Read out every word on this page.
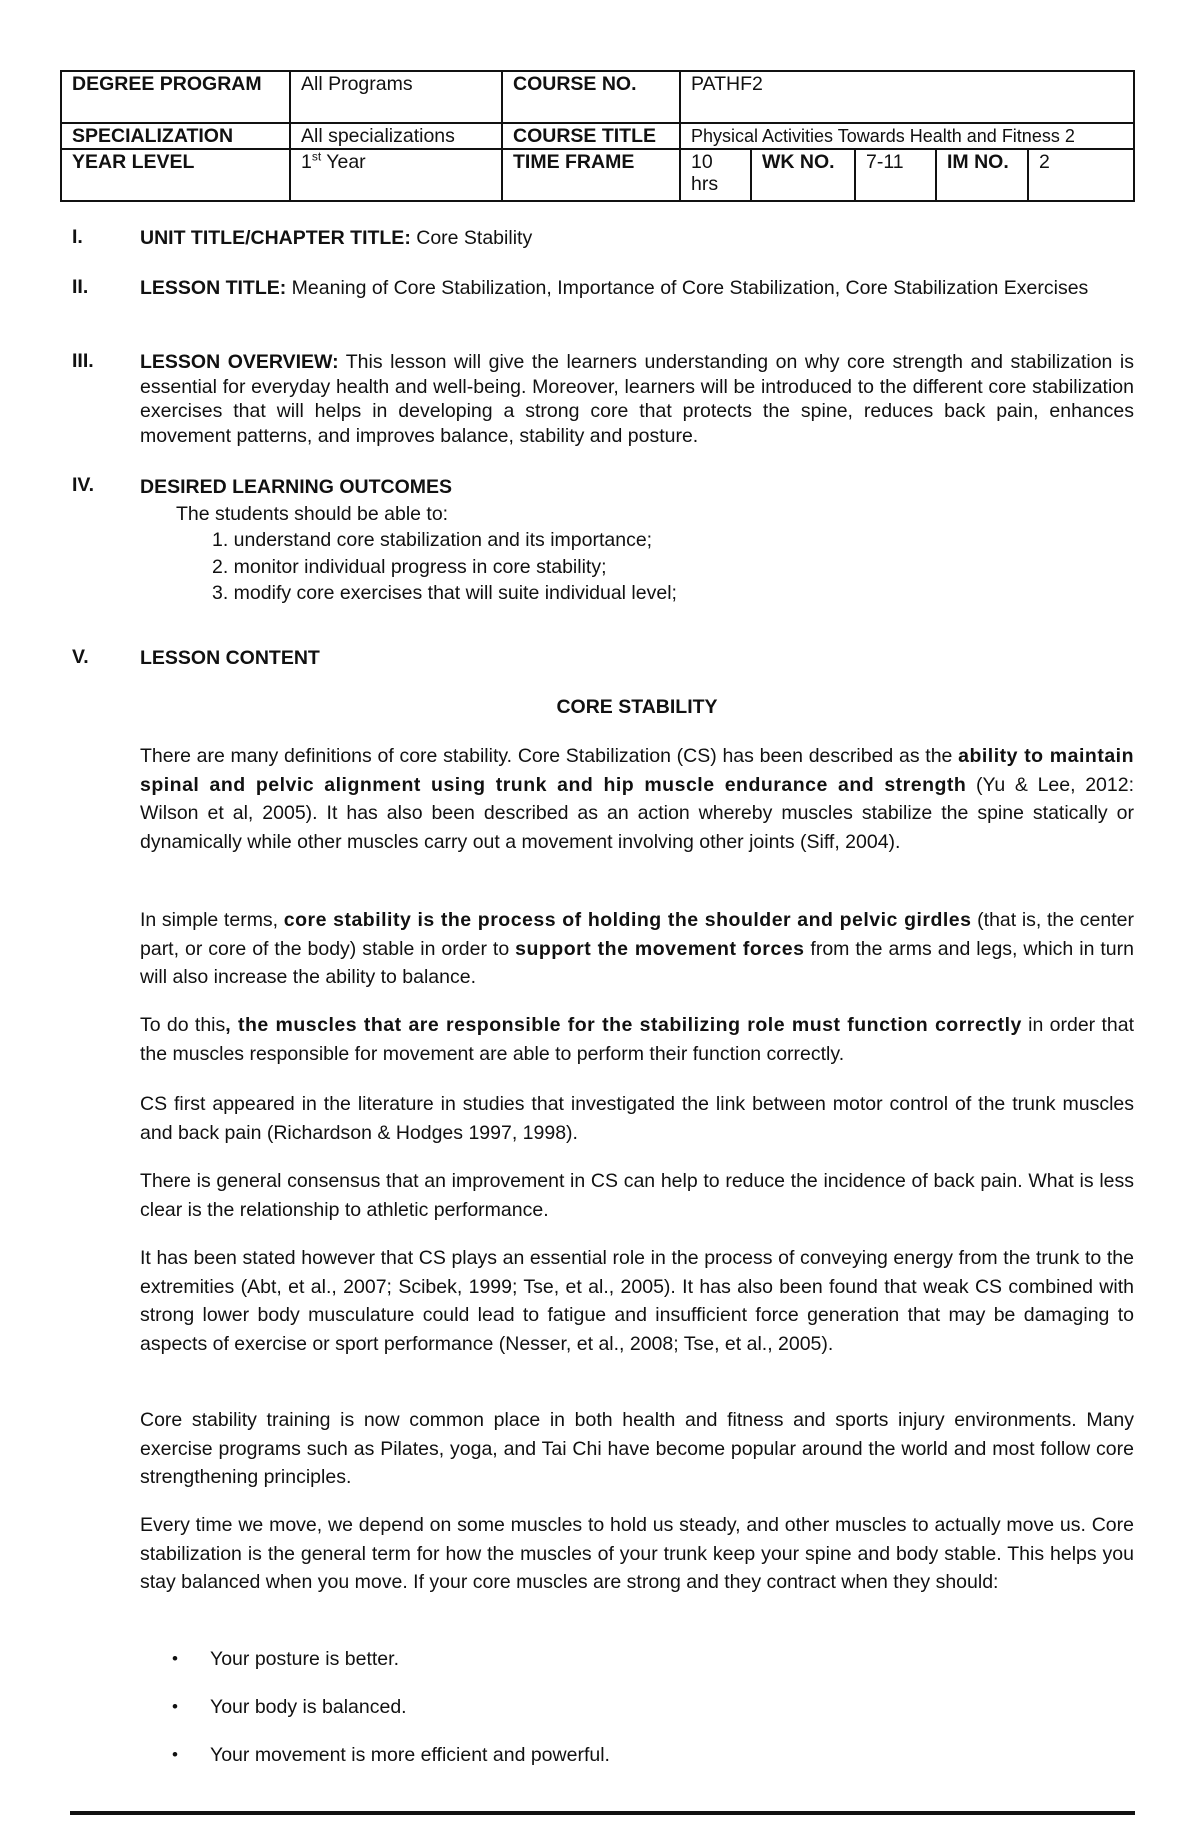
DEGREE PROGRAM	All Programs	COURSE NO.	PATHF2				
SPECIALIZATION	All specializations	COURSE TITLE	Physical Activities Towards Health and Fitness 2				
YEAR LEVEL	1st Year	TIME FRAME	10 hrs	WK NO.	7-11	IM NO.	2
I.	UNIT TITLE/CHAPTER TITLE: Core Stability
II.	LESSON TITLE: Meaning of Core Stabilization, Importance of Core Stabilization, Core Stabilization Exercises
III. LESSON OVERVIEW: This lesson will give the learners understanding on why core strength and stabilization is essential for everyday health and well-being. Moreover, learners will be introduced to the different core stabilization exercises that will helps in developing a strong core that protects the spine, reduces back pain, enhances movement patterns, and improves balance, stability and posture.
IV. DESIRED LEARNING OUTCOMES
The students should be able to:
1. understand core stabilization and its importance;
2. monitor individual progress in core stability;
3. modify core exercises that will suite individual level;
V.	LESSON CONTENT
CORE STABILITY

There are many definitions of core stability. Core Stabilization (CS) has been described as the ability to maintain spinal and pelvic alignment using trunk and hip muscle endurance and strength (Yu & Lee, 2012: Wilson et al, 2005). It has also been described as an action whereby muscles stabilize the spine statically or dynamically while other muscles carry out a movement involving other joints (Siff, 2004).

In simple terms, core stability is the process of holding the shoulder and pelvic girdles (that is, the center part, or core of the body) stable in order to support the movement forces from the arms and legs, which in turn will also increase the ability to balance.

To do this, the muscles that are responsible for the stabilizing role must function correctly in order that the muscles responsible for movement are able to perform their function correctly.

CS first appeared in the literature in studies that investigated the link between motor control of the trunk muscles and back pain (Richardson & Hodges 1997, 1998).

There is general consensus that an improvement in CS can help to reduce the incidence of back pain. What is less clear is the relationship to athletic performance.

It has been stated however that CS plays an essential role in the process of conveying energy from the trunk to the extremities (Abt, et al., 2007; Scibek, 1999; Tse, et al., 2005). It has also been found that weak CS combined with strong lower body musculature could lead to fatigue and insufficient force generation that may be damaging to aspects of exercise or sport performance (Nesser, et al., 2008; Tse, et al., 2005).

Core stability training is now common place in both health and fitness and sports injury environments. Many exercise programs such as Pilates, yoga, and Tai Chi have become popular around the world and most follow core strengthening principles.

Every time we move, we depend on some muscles to hold us steady, and other muscles to actually move us. Core stabilization is the general term for how the muscles of your trunk keep your spine and body stable. This helps you stay balanced when you move. If your core muscles are strong and they contract when they should:

• Your posture is better.
• Your body is balanced.
• Your movement is more efficient and powerful.
